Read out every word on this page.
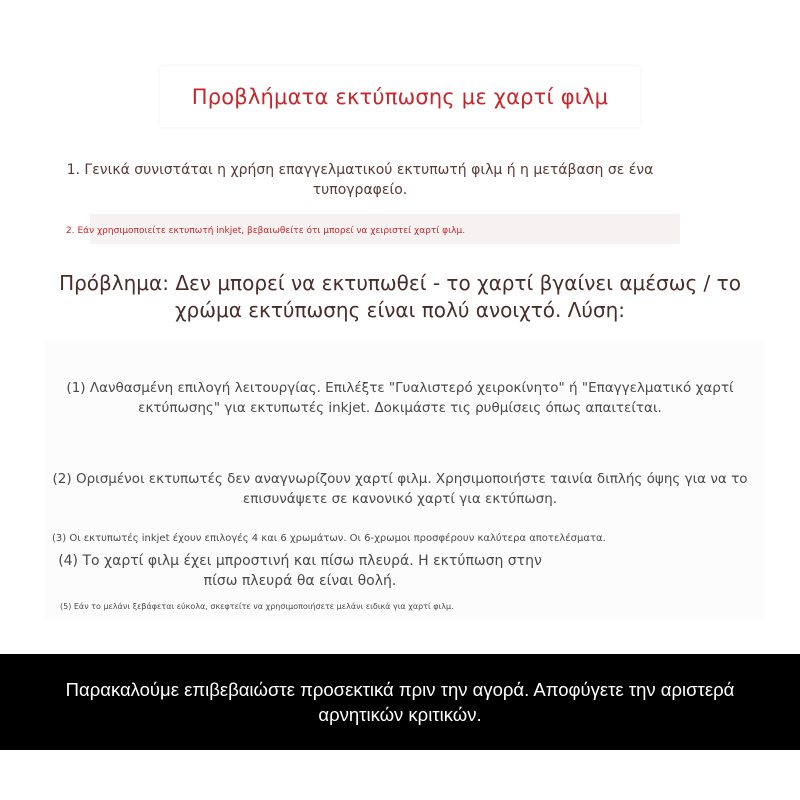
Προβλήματα εκτύπωσης με χαρτί φιλμ
1. Γενικά συνιστάται η χρήση επαγγελματικού εκτυπωτή φιλμ ή η μετάβαση σε ένα τυπογραφείο.
2. Εάν χρησιμοποιείτε εκτυπωτή inkjet, βεβαιωθείτε ότι μπορεί να χειριστεί χαρτί φιλμ.
Πρόβλημα: Δεν μπορεί να εκτυπωθεί - το χαρτί βγαίνει αμέσως / το χρώμα εκτύπωσης είναι πολύ ανοιχτό. Λύση:
(1) Λανθασμένη επιλογή λειτουργίας. Επιλέξτε "Γυαλιστερό χειροκίνητο" ή "Επαγγελματικό χαρτί εκτύπωσης" για εκτυπωτές inkjet. Δοκιμάστε τις ρυθμίσεις όπως απαιτείται.
(2) Ορισμένοι εκτυπωτές δεν αναγνωρίζουν χαρτί φιλμ. Χρησιμοποιήστε ταινία διπλής όψης για να το επισυνάψετε σε κανονικό χαρτί για εκτύπωση.
(3) Οι εκτυπωτές inkjet έχουν επιλογές 4 και 6 χρωμάτων. Οι 6-χρωμοι προσφέρουν καλύτερα αποτελέσματα.
(4) Το χαρτί φιλμ έχει μπροστινή και πίσω πλευρά. Η εκτύπωση στην πίσω πλευρά θα είναι θολή.
(5) Εάν το μελάνι ξεβάφεται εύκολα, σκεφτείτε να χρησιμοποιήσετε μελάνι ειδικά για χαρτί φιλμ.
Παρακαλούμε επιβεβαιώστε προσεκτικά πριν την αγορά. Αποφύγετε την αριστερά αρνητικών κριτικών.
